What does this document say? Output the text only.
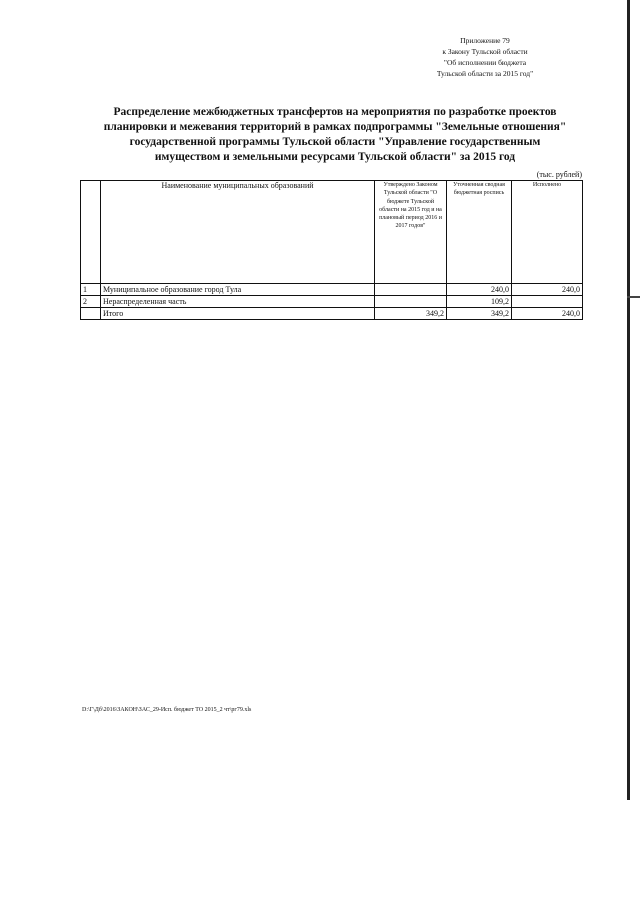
Приложение 79
к Закону Тульской области
"Об исполнении бюджета
Тульской области за 2015 год"
Распределение межбюджетных трансфертов на мероприятия по разработке проектов
планировки и межевания территорий в рамках подпрограммы "Земельные отношения"
государственной программы Тульской области "Управление государственным
имуществом и земельными ресурсами Тульской области" за 2015 год
(тыс. рублей)
	Наименование муниципальных образований	Утверждено Законом Тульской области "О бюджете Тульской области на 2015 год и на плановый период 2016 и 2017 годов"	Уточненная сводная бюджетная роспись	Исполнено
1	Муниципальное образование город Тула		240,0	240,0
2	Нераспределенная часть		109,2	
	Итого	349,2	349,2	240,0
D:\Г\Дб\2016\ЗАКОН\ЗАС_29-Исп. бюджет ТО 2015_2 чт\рг79.xls
